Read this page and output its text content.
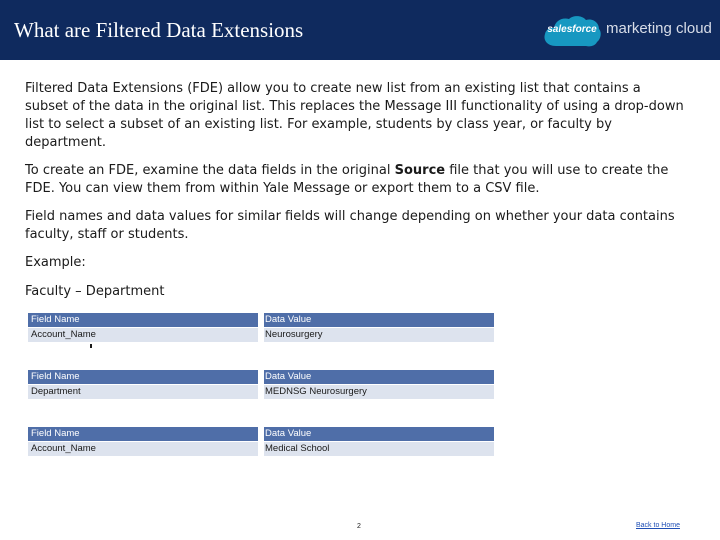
What are Filtered Data Extensions	salesforce marketing cloud

Filtered Data Extensions (FDE) allow you to create new list from an existing list that contains a subset of the data in the original list. This replaces the Message III functionality of using a drop-down list to select a subset of an existing list. For example, students by class year, or faculty by department.

To create an FDE, examine the data fields in the original Source file that you will use to create the FDE. You can view them from within Yale Message or export them to a CSV file.

Field names and data values for similar fields will change depending on whether your data contains faculty, staff or students.

Example:

Faculty – Department

Field Name	Data Value
Account_Name	Neurosurgery
Field Name	Data Value
Department	MEDNSG Neurosurgery
Field Name	Data Value
Account_Name	Medical School
2	Back to Home
